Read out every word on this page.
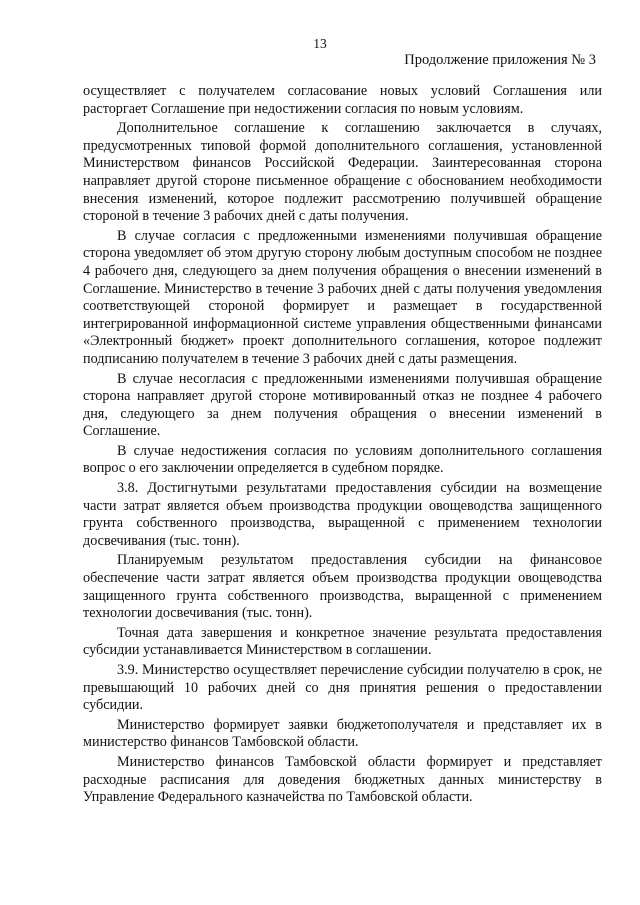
13
Продолжение приложения № 3

осуществляет с получателем согласование новых условий Соглашения или расторгает Соглашение при недостижении согласия по новым условиям.

Дополнительное соглашение к соглашению заключается в случаях, предусмотренных типовой формой дополнительного соглашения, установленной Министерством финансов Российской Федерации. Заинтересованная сторона направляет другой стороне письменное обращение с обоснованием необходимости внесения изменений, которое подлежит рассмотрению получившей обращение стороной в течение 3 рабочих дней с даты получения.

В случае согласия с предложенными изменениями получившая обращение сторона уведомляет об этом другую сторону любым доступным способом не позднее 4 рабочего дня, следующего за днем получения обращения о внесении изменений в Соглашение. Министерство в течение 3 рабочих дней с даты получения уведомления соответствующей стороной формирует и размещает в государственной интегрированной информационной системе управления общественными финансами «Электронный бюджет» проект дополнительного соглашения, которое подлежит подписанию получателем в течение 3 рабочих дней с даты размещения.

В случае несогласия с предложенными изменениями получившая обращение сторона направляет другой стороне мотивированный отказ не позднее 4 рабочего дня, следующего за днем получения обращения о внесении изменений в Соглашение.

В случае недостижения согласия по условиям дополнительного соглашения вопрос о его заключении определяется в судебном порядке.

3.8. Достигнутыми результатами предоставления субсидии на возмещение части затрат является объем производства продукции овощеводства защищенного грунта собственного производства, выращенной с применением технологии досвечивания (тыс. тонн).

Планируемым результатом предоставления субсидии на финансовое обеспечение части затрат является объем производства продукции овощеводства защищенного грунта собственного производства, выращенной с применением технологии досвечивания (тыс. тонн).

Точная дата завершения и конкретное значение результата предоставления субсидии устанавливается Министерством в соглашении.

3.9. Министерство осуществляет перечисление субсидии получателю в срок, не превышающий 10 рабочих дней со дня принятия решения о предоставлении субсидии.

Министерство формирует заявки бюджетополучателя и представляет их в министерство финансов Тамбовской области.

Министерство финансов Тамбовской области формирует и представляет расходные расписания для доведения бюджетных данных министерству в Управление Федерального казначейства по Тамбовской области.
